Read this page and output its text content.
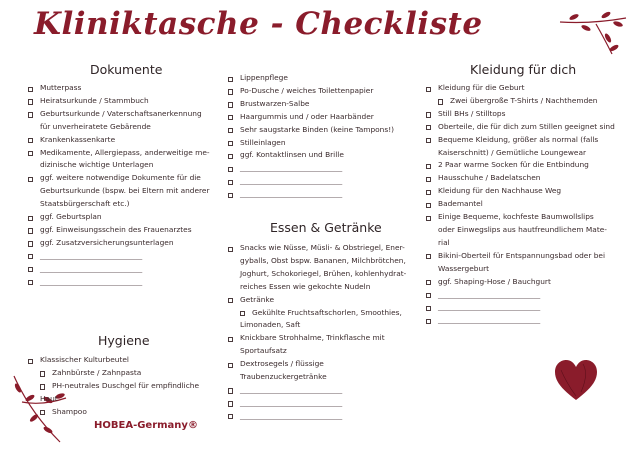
Kliniktasche - Checkliste
Dokumente
Mutterpass
Heiratsurkunde / Stammbuch
Geburtsurkunde / Vaterschaftsanerkennung
für unverheiratete Gebärende
Krankenkassenkarte
Medikamente, Allergiepass, anderweitige me-
dizinische wichtige Unterlagen
ggf. weitere notwendige Dokumente für die
Geburtsurkunde (bspw. bei Eltern mit anderer
Staatsbürgerschaft etc.)
ggf. Geburtsplan
ggf. Einweisungsschein des Frauenarztes
ggf. Zusatzversicherungsunterlagen
______________________________
______________________________
______________________________
Hygiene
Klassischer Kulturbeutel
Zahnbürste / Zahnpasta
PH-neutrales Duschgel für empfindliche
Haut
Shampoo
Lippenpflege
Po-Dusche / weiches Toilettenpapier
Brustwarzen-Salbe
Haargummis und / oder Haarbänder
Sehr saugstarke Binden (keine Tampons!)
Stilleinlagen
ggf. Kontaktlinsen und Brille
______________________________
______________________________
______________________________
Essen & Getränke
Snacks wie Nüsse, Müsli- & Obstriegel, Ener-
gyballs, Obst bspw. Bananen, Milchbrötchen,
Joghurt, Schokoriegel, Brühen, kohlenhydrat-
reiches Essen wie gekochte Nudeln
Getränke
Gekühlte Fruchtsaftschorlen, Smoothies,
Limonaden, Saft
Knickbare Strohhalme, Trinkflasche mit
Sportaufsatz
Dextrosegels / flüssige
Traubenzuckergetränke
______________________________
______________________________
______________________________
Kleidung für dich
Kleidung für die Geburt
Zwei übergroße T-Shirts / Nachthemden
Still BHs / Stilltops
Oberteile, die für dich zum Stillen geeignet sind
Bequeme Kleidung, größer als normal (falls
Kaiserschnitt) / Gemütliche Loungewear
2 Paar warme Socken für die Entbindung
Hausschuhe / Badelatschen
Kleidung für den Nachhause Weg
Bademantel
Einige Bequeme, kochfeste Baumwollslips
oder Einwegslips aus hautfreundlichem Mate-
rial
Bikini-Oberteil für Entspannungsbad oder bei
Wassergeburt
ggf. Shaping-Hose / Bauchgurt
______________________________
______________________________
______________________________
HOBEA-Germany®
